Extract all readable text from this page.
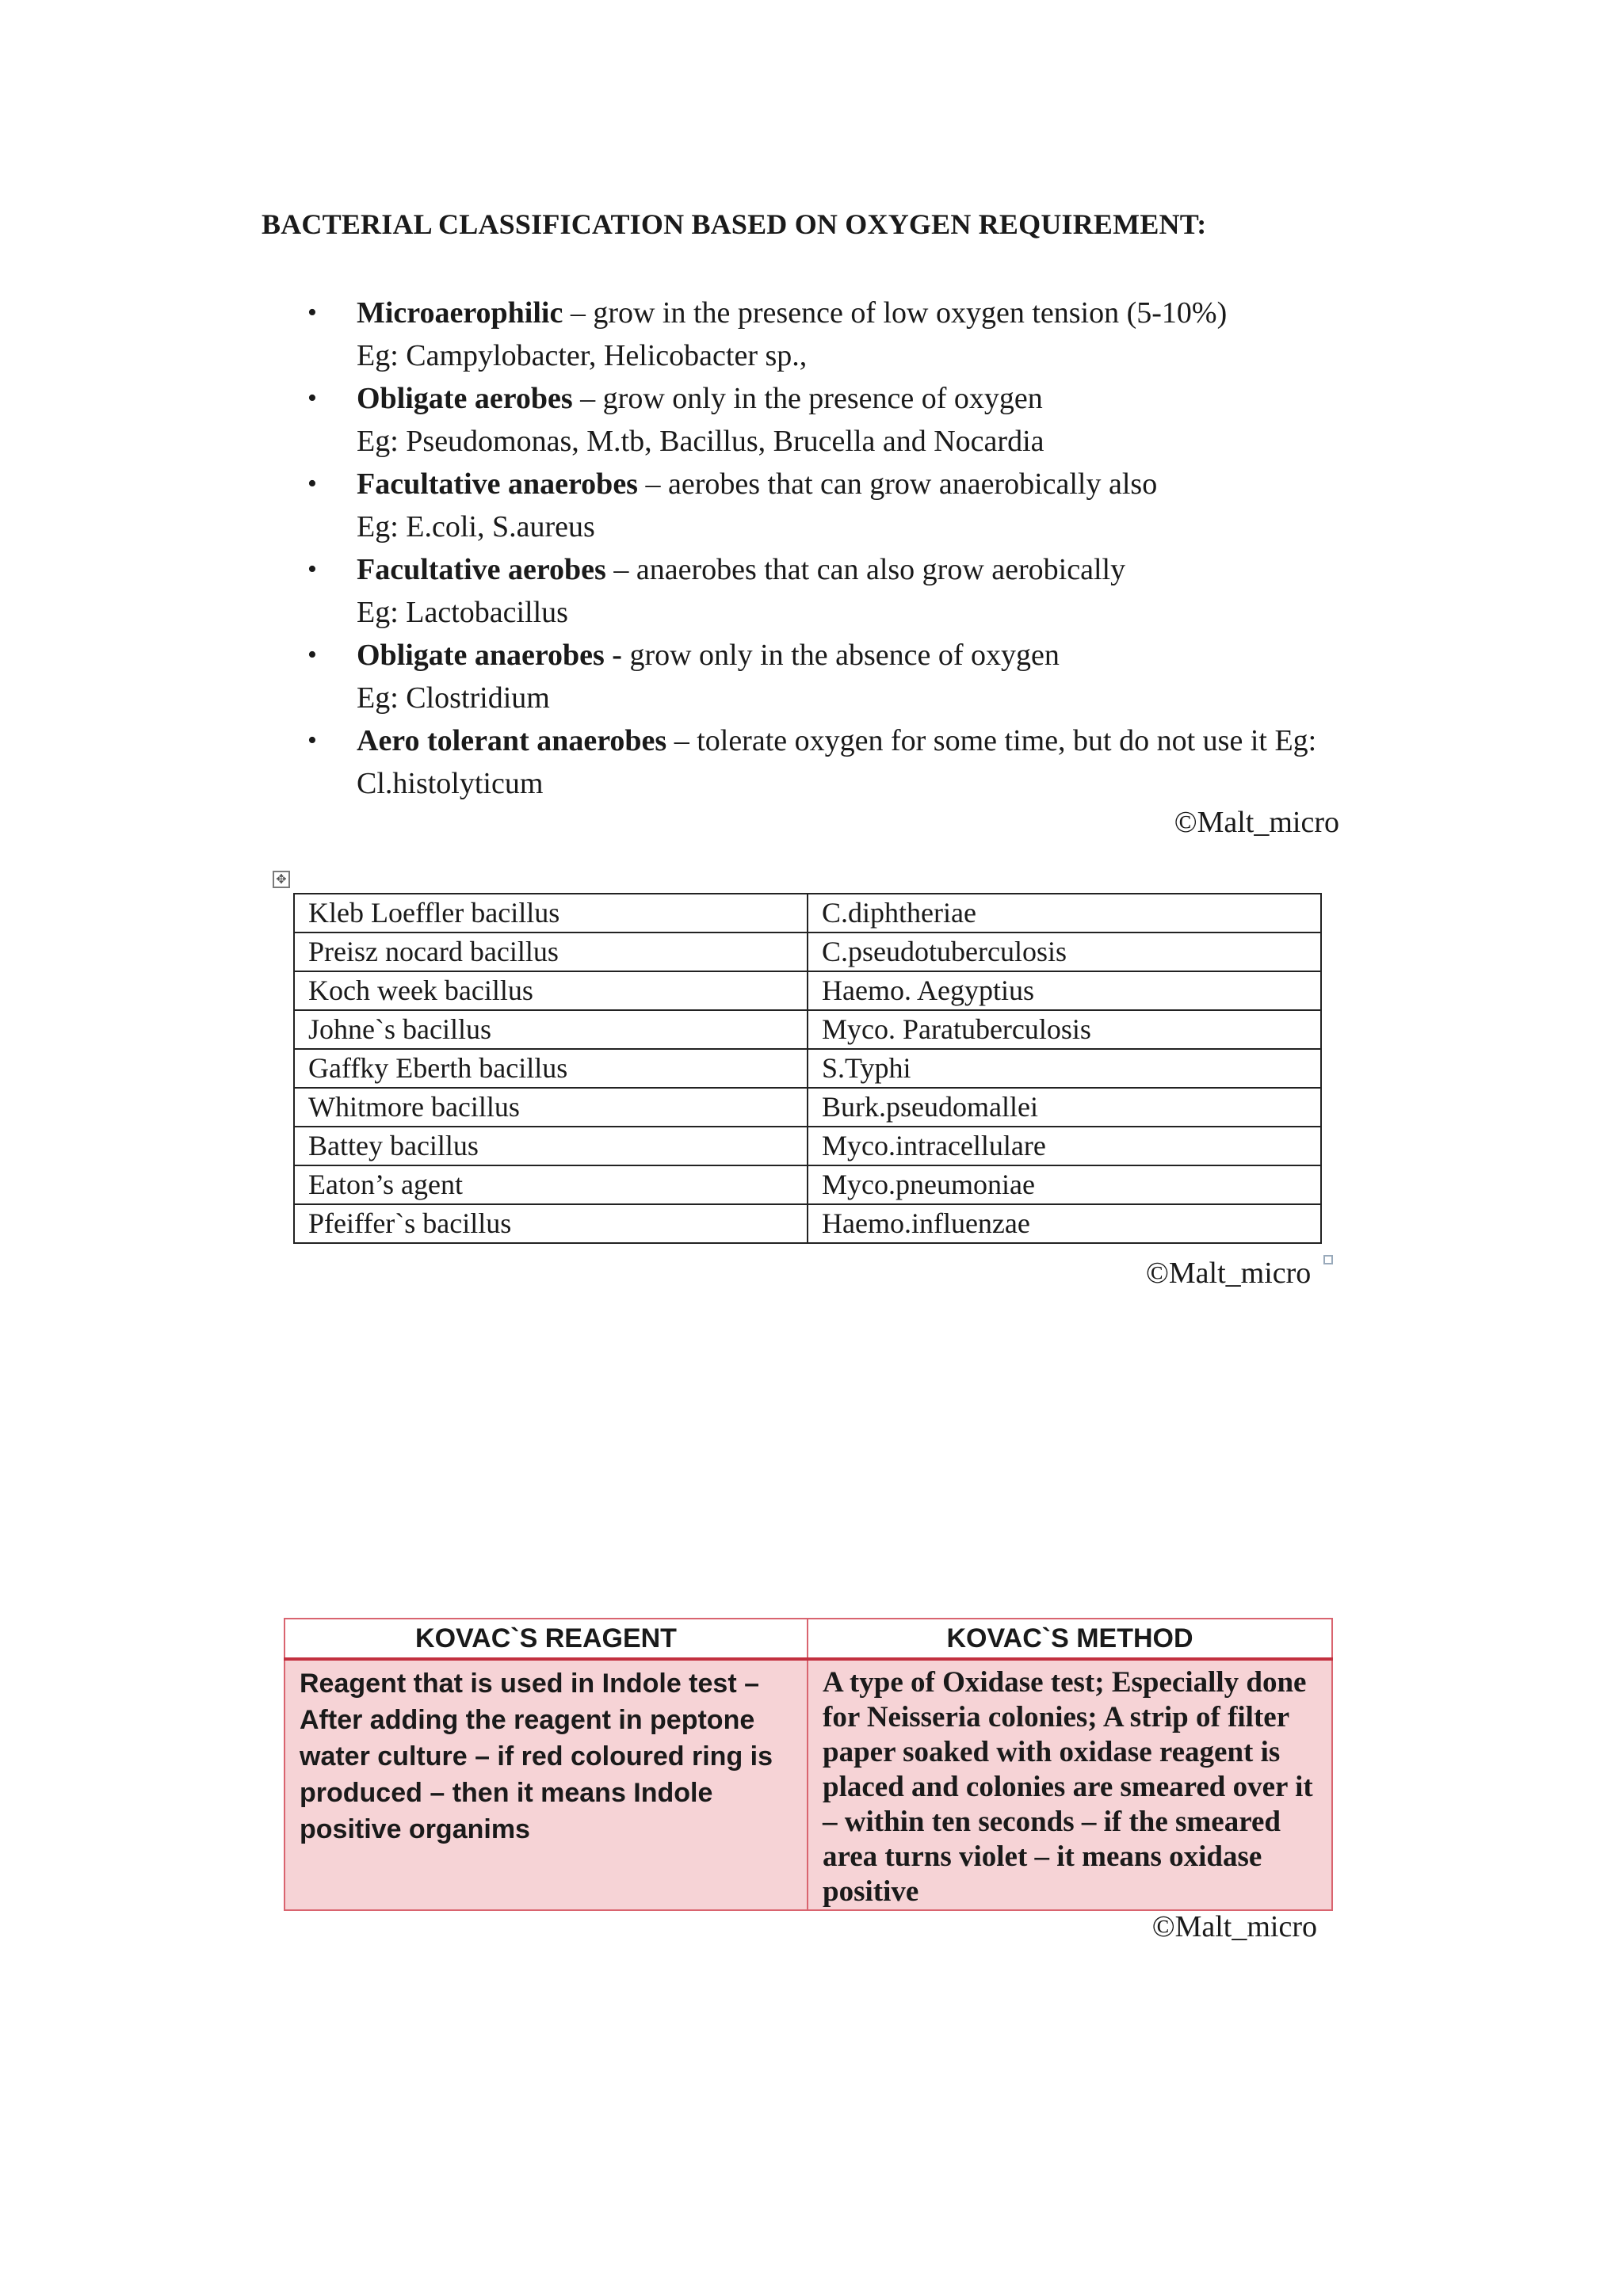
BACTERIAL CLASSIFICATION BASED ON OXYGEN REQUIREMENT:
• Microaerophilic – grow in the presence of low oxygen tension (5-10%)
Eg: Campylobacter, Helicobacter sp.,
• Obligate aerobes – grow only in the presence of oxygen
Eg: Pseudomonas, M.tb, Bacillus, Brucella and Nocardia
• Facultative anaerobes – aerobes that can grow anaerobically also
Eg: E.coli, S.aureus
• Facultative aerobes – anaerobes that can also grow aerobically
Eg: Lactobacillus
• Obligate anaerobes - grow only in the absence of oxygen
Eg: Clostridium
• Aero tolerant anaerobes – tolerate oxygen for some time, but do not use it Eg: Cl.histolyticum
©Malt_micro
✥
Kleb Loeffler bacillus	C.diphtheriae
Preisz nocard bacillus	C.pseudotuberculosis
Koch week bacillus	Haemo. Aegyptius
Johne`s bacillus	Myco. Paratuberculosis
Gaffky Eberth bacillus	S.Typhi
Whitmore bacillus	Burk.pseudomallei
Battey bacillus	Myco.intracellulare
Eaton’s agent	Myco.pneumoniae
Pfeiffer`s bacillus	Haemo.influenzae
©Malt_micro
KOVAC`S REAGENT	KOVAC`S METHOD
Reagent that is used in Indole test – After adding the reagent in peptone water culture – if red coloured ring is produced – then it means Indole positive organims	A type of Oxidase test; Especially done for Neisseria colonies; A strip of filter paper soaked with oxidase reagent is placed and colonies are smeared over it – within ten seconds – if the smeared area turns violet – it means oxidase positive
©Malt_micro
